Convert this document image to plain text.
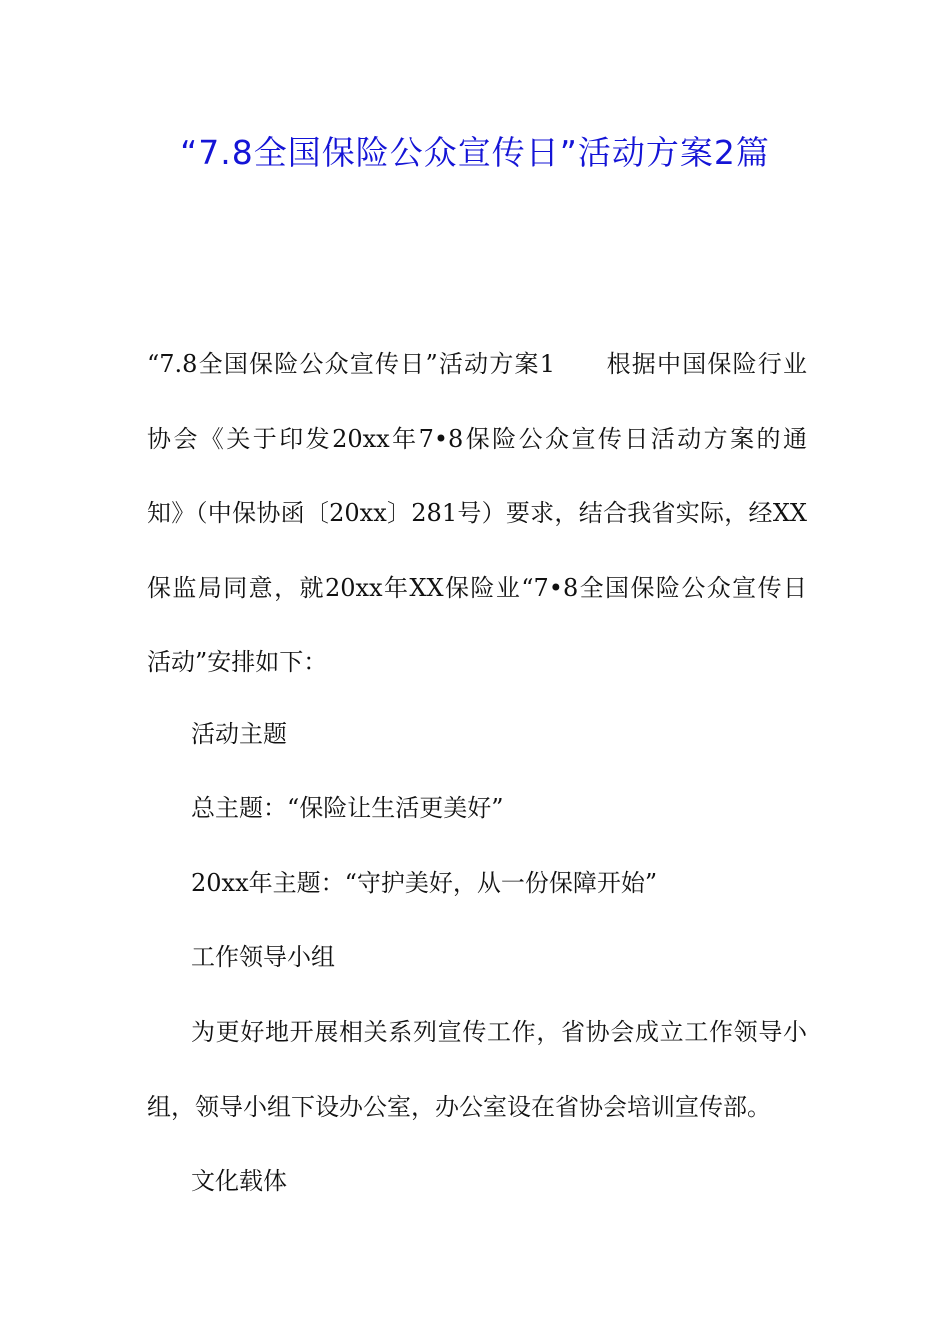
“7.8全国保险公众宣传日”活动方案2篇

“7.8全国保险公众宣传日”活动方案1　　根据中国保险行业
协会《关于印发20xx年7•8保险公众宣传日活动方案的通
知》（中保协函〔20xx〕281号）要求，结合我省实际，经XX
保监局同意，就20xx年XX保险业“7•8全国保险公众宣传日
活动”安排如下：

活动主题

总主题：“保险让生活更美好”

20xx年主题：“守护美好，从一份保障开始”

工作领导小组

为更好地开展相关系列宣传工作，省协会成立工作领导小
组，领导小组下设办公室，办公室设在省协会培训宣传部。

文化载体
